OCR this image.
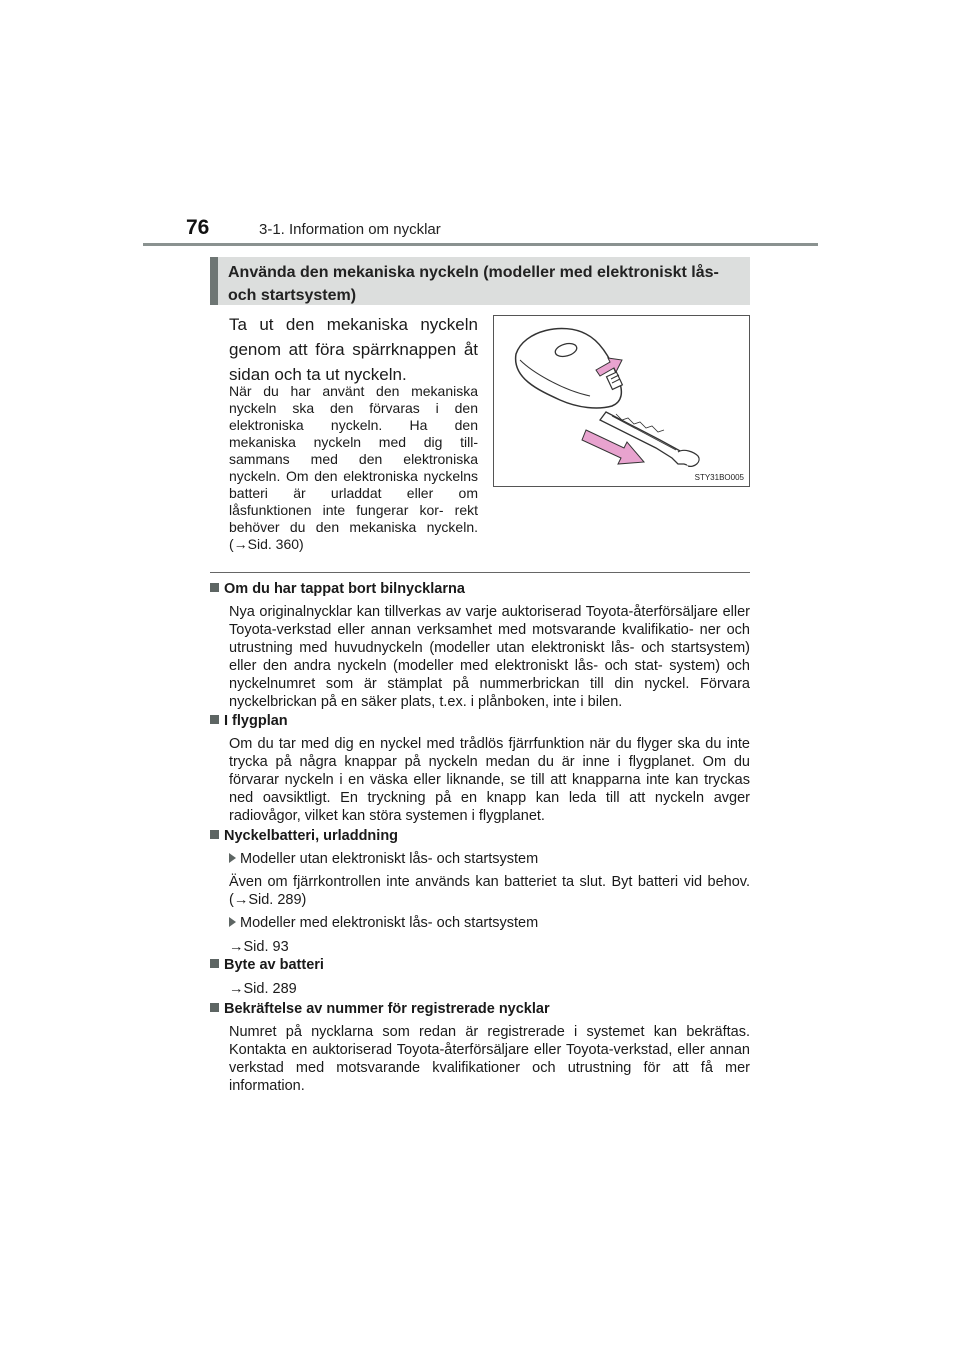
76	3-1. Information om nycklar
Använda den mekaniska nyckeln (modeller med elektroniskt lås- och startsystem)
Ta ut den mekaniska nyckeln genom att föra spärrknappen åt sidan och ta ut nyckeln.
När du har använt den mekaniska nyckeln ska den förvaras i den elektroniska nyckeln. Ha den mekaniska nyckeln med dig till- sammans med den elektroniska nyckeln. Om den elektroniska nyckelns batteri är urladdat eller om låsfunktionen inte fungerar kor- rekt behöver du den mekaniska nyckeln. (→Sid. 360)
STY31BO005
Om du har tappat bort bilnycklarna
Nya originalnycklar kan tillverkas av varje auktoriserad Toyota-återförsäljare eller Toyota-verkstad eller annan verksamhet med motsvarande kvalifikatio- ner och utrustning med huvudnyckeln (modeller utan elektroniskt lås- och startsystem) eller den andra nyckeln (modeller med elektroniskt lås- och stat- system) och nyckelnumret som är stämplat på nummerbrickan till din nyckel. Förvara nyckelbrickan på en säker plats, t.ex. i plånboken, inte i bilen.
I flygplan
Om du tar med dig en nyckel med trådlös fjärrfunktion när du flyger ska du inte trycka på några knappar på nyckeln medan du är inne i flygplanet. Om du förvarar nyckeln i en väska eller liknande, se till att knapparna inte kan tryckas ned oavsiktligt. En tryckning på en knapp kan leda till att nyckeln avger radiovågor, vilket kan störa systemen i flygplanet.
Nyckelbatteri, urladdning
Modeller utan elektroniskt lås- och startsystem
Även om fjärrkontrollen inte används kan batteriet ta slut. Byt batteri vid behov. (→Sid. 289)
Modeller med elektroniskt lås- och startsystem
→Sid. 93
Byte av batteri
→Sid. 289
Bekräftelse av nummer för registrerade nycklar
Numret på nycklarna som redan är registrerade i systemet kan bekräftas. Kontakta en auktoriserad Toyota-återförsäljare eller Toyota-verkstad, eller annan verkstad med motsvarande kvalifikationer och utrustning för att få mer information.
